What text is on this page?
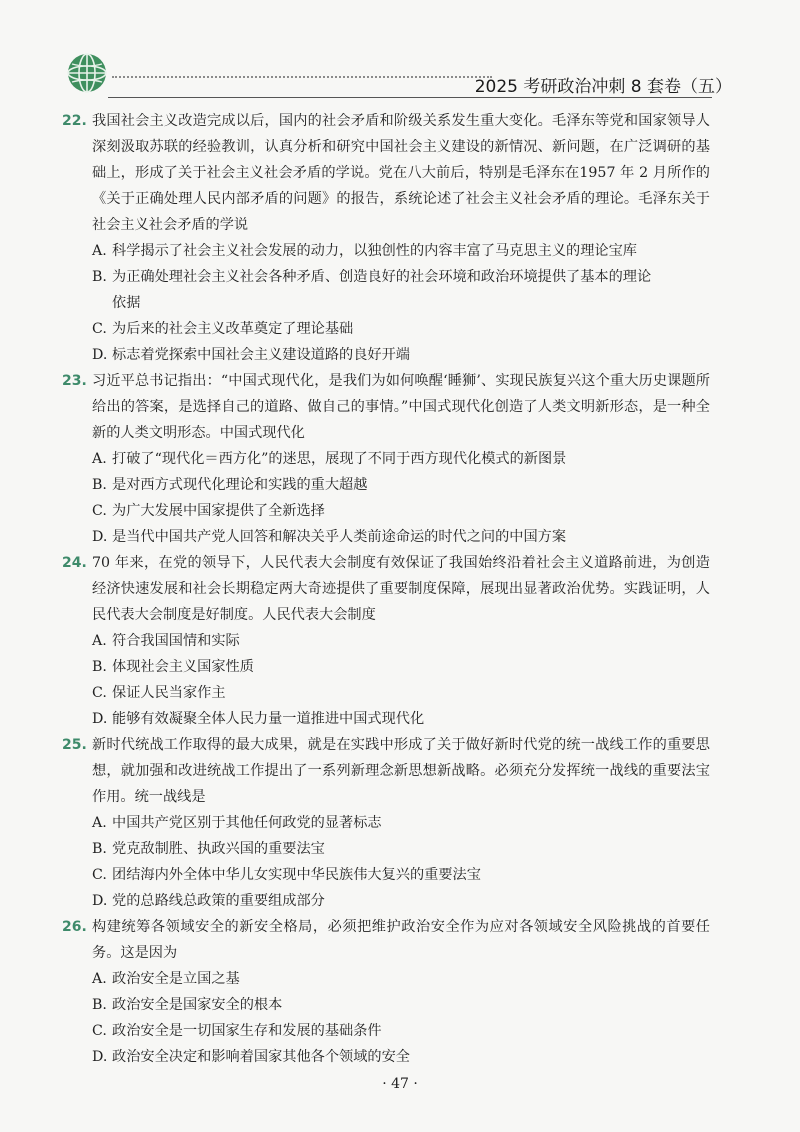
2025 考研政治冲刺 8 套卷（五）
22. 我国社会主义改造完成以后，国内的社会矛盾和阶级关系发生重大变化。毛泽东等党和国家领导人深刻汲取苏联的经验教训，认真分析和研究中国社会主义建设的新情况、新问题，在广泛调研的基础上，形成了关于社会主义社会矛盾的学说。党在八大前后，特别是毛泽东在1957 年 2 月所作的《关于正确处理人民内部矛盾的问题》的报告，系统论述了社会主义社会矛盾的理论。毛泽东关于社会主义社会矛盾的学说
A. 科学揭示了社会主义社会发展的动力，以独创性的内容丰富了马克思主义的理论宝库
B. 为正确处理社会主义社会各种矛盾、创造良好的社会环境和政治环境提供了基本的理论
依据
C. 为后来的社会主义改革奠定了理论基础
D. 标志着党探索中国社会主义建设道路的良好开端
23. 习近平总书记指出：“中国式现代化，是我们为如何唤醒‘睡狮’、实现民族复兴这个重大历史课题所给出的答案，是选择自己的道路、做自己的事情。”中国式现代化创造了人类文明新形态，是一种全新的人类文明形态。中国式现代化
A. 打破了“现代化＝西方化”的迷思，展现了不同于西方现代化模式的新图景
B. 是对西方式现代化理论和实践的重大超越
C. 为广大发展中国家提供了全新选择
D. 是当代中国共产党人回答和解决关乎人类前途命运的时代之问的中国方案
24. 70 年来，在党的领导下，人民代表大会制度有效保证了我国始终沿着社会主义道路前进，为创造经济快速发展和社会长期稳定两大奇迹提供了重要制度保障，展现出显著政治优势。实践证明，人民代表大会制度是好制度。人民代表大会制度
A. 符合我国国情和实际
B. 体现社会主义国家性质
C. 保证人民当家作主
D. 能够有效凝聚全体人民力量一道推进中国式现代化
25. 新时代统战工作取得的最大成果，就是在实践中形成了关于做好新时代党的统一战线工作的重要思想，就加强和改进统战工作提出了一系列新理念新思想新战略。必须充分发挥统一战线的重要法宝作用。统一战线是
A. 中国共产党区别于其他任何政党的显著标志
B. 党克敌制胜、执政兴国的重要法宝
C. 团结海内外全体中华儿女实现中华民族伟大复兴的重要法宝
D. 党的总路线总政策的重要组成部分
26. 构建统筹各领域安全的新安全格局，必须把维护政治安全作为应对各领域安全风险挑战的首要任务。这是因为
A. 政治安全是立国之基
B. 政治安全是国家安全的根本
C. 政治安全是一切国家生存和发展的基础条件
D. 政治安全决定和影响着国家其他各个领域的安全
· 47 ·
